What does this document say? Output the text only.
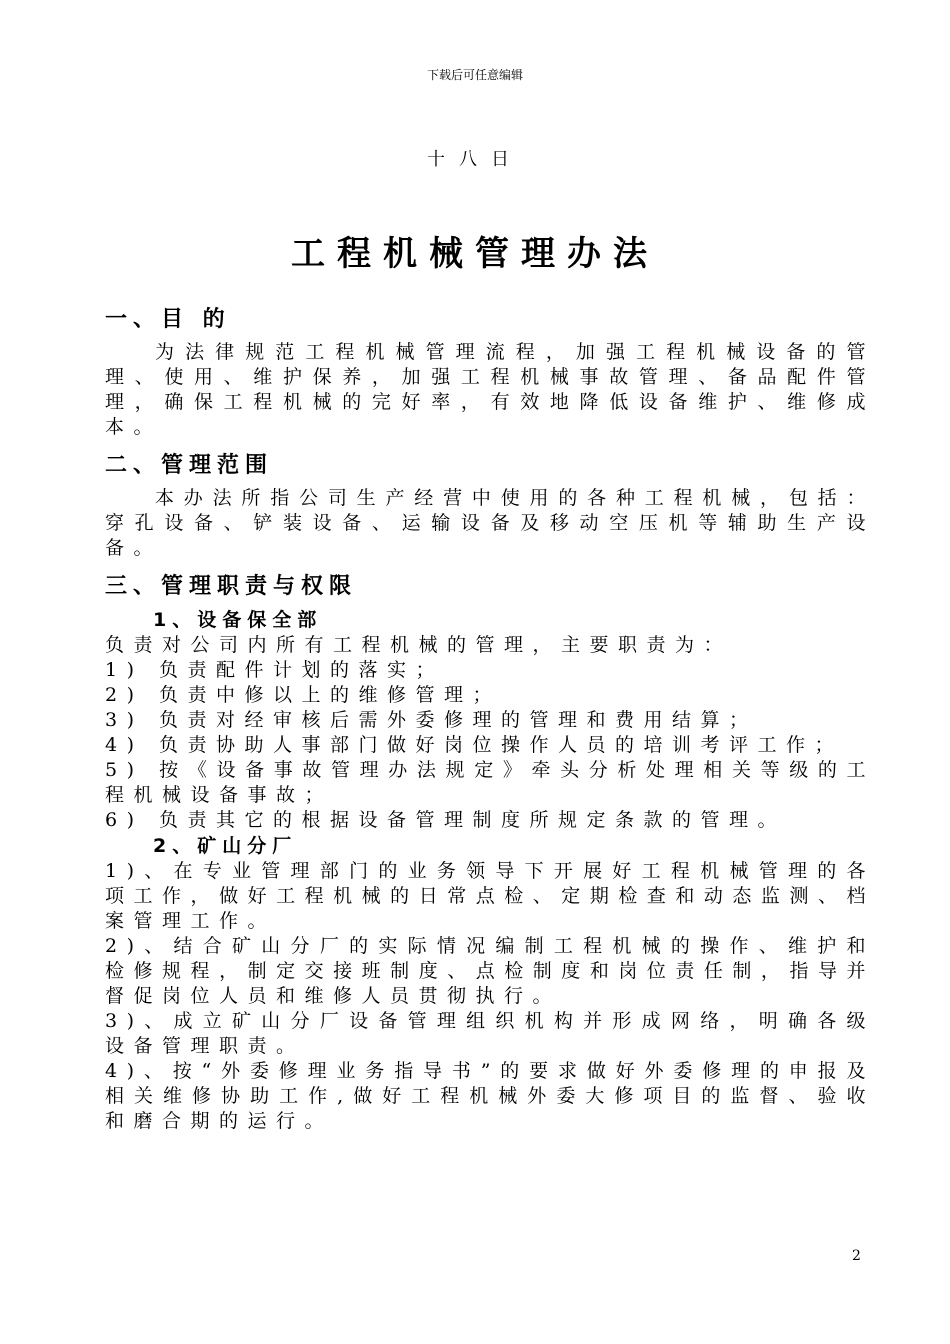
下载后可任意编辑
十八日
工程机械管理办法
一、目 的

为法律规范工程机械管理流程，加强工程机械设备的管理、使用、维护保养，加强工程机械事故管理、备品配件管理，确保工程机械的完好率，有效地降低设备维护、维修成本。

二、管理范围

本办法所指公司生产经营中使用的各种工程机械，包括：穿孔设备、铲装设备、运输设备及移动空压机等辅助生产设备。

三、管理职责与权限
1、设备保全部

负责对公司内所有工程机械的管理，主要职责为：

1) 负责配件计划的落实；

2) 负责中修以上的维修管理；

3) 负责对经审核后需外委修理的管理和费用结算；

4) 负责协助人事部门做好岗位操作人员的培训考评工作；

5) 按《设备事故管理办法规定》牵头分析处理相关等级的工程机械设备事故；

6) 负责其它的根据设备管理制度所规定条款的管理。

2、矿山分厂

1)、在专业管理部门的业务领导下开展好工程机械管理的各项工作，做好工程机械的日常点检、定期检查和动态监测、档案管理工作。

2)、结合矿山分厂的实际情况编制工程机械的操作、维护和检修规程，制定交接班制度、点检制度和岗位责任制，指导并督促岗位人员和维修人员贯彻执行。

3)、成立矿山分厂设备管理组织机构并形成网络，明确各级设备管理职责。

4)、按“外委修理业务指导书”的要求做好外委修理的申报及相关维修协助工作,做好工程机械外委大修项目的监督、验收和磨合期的运行。

2
